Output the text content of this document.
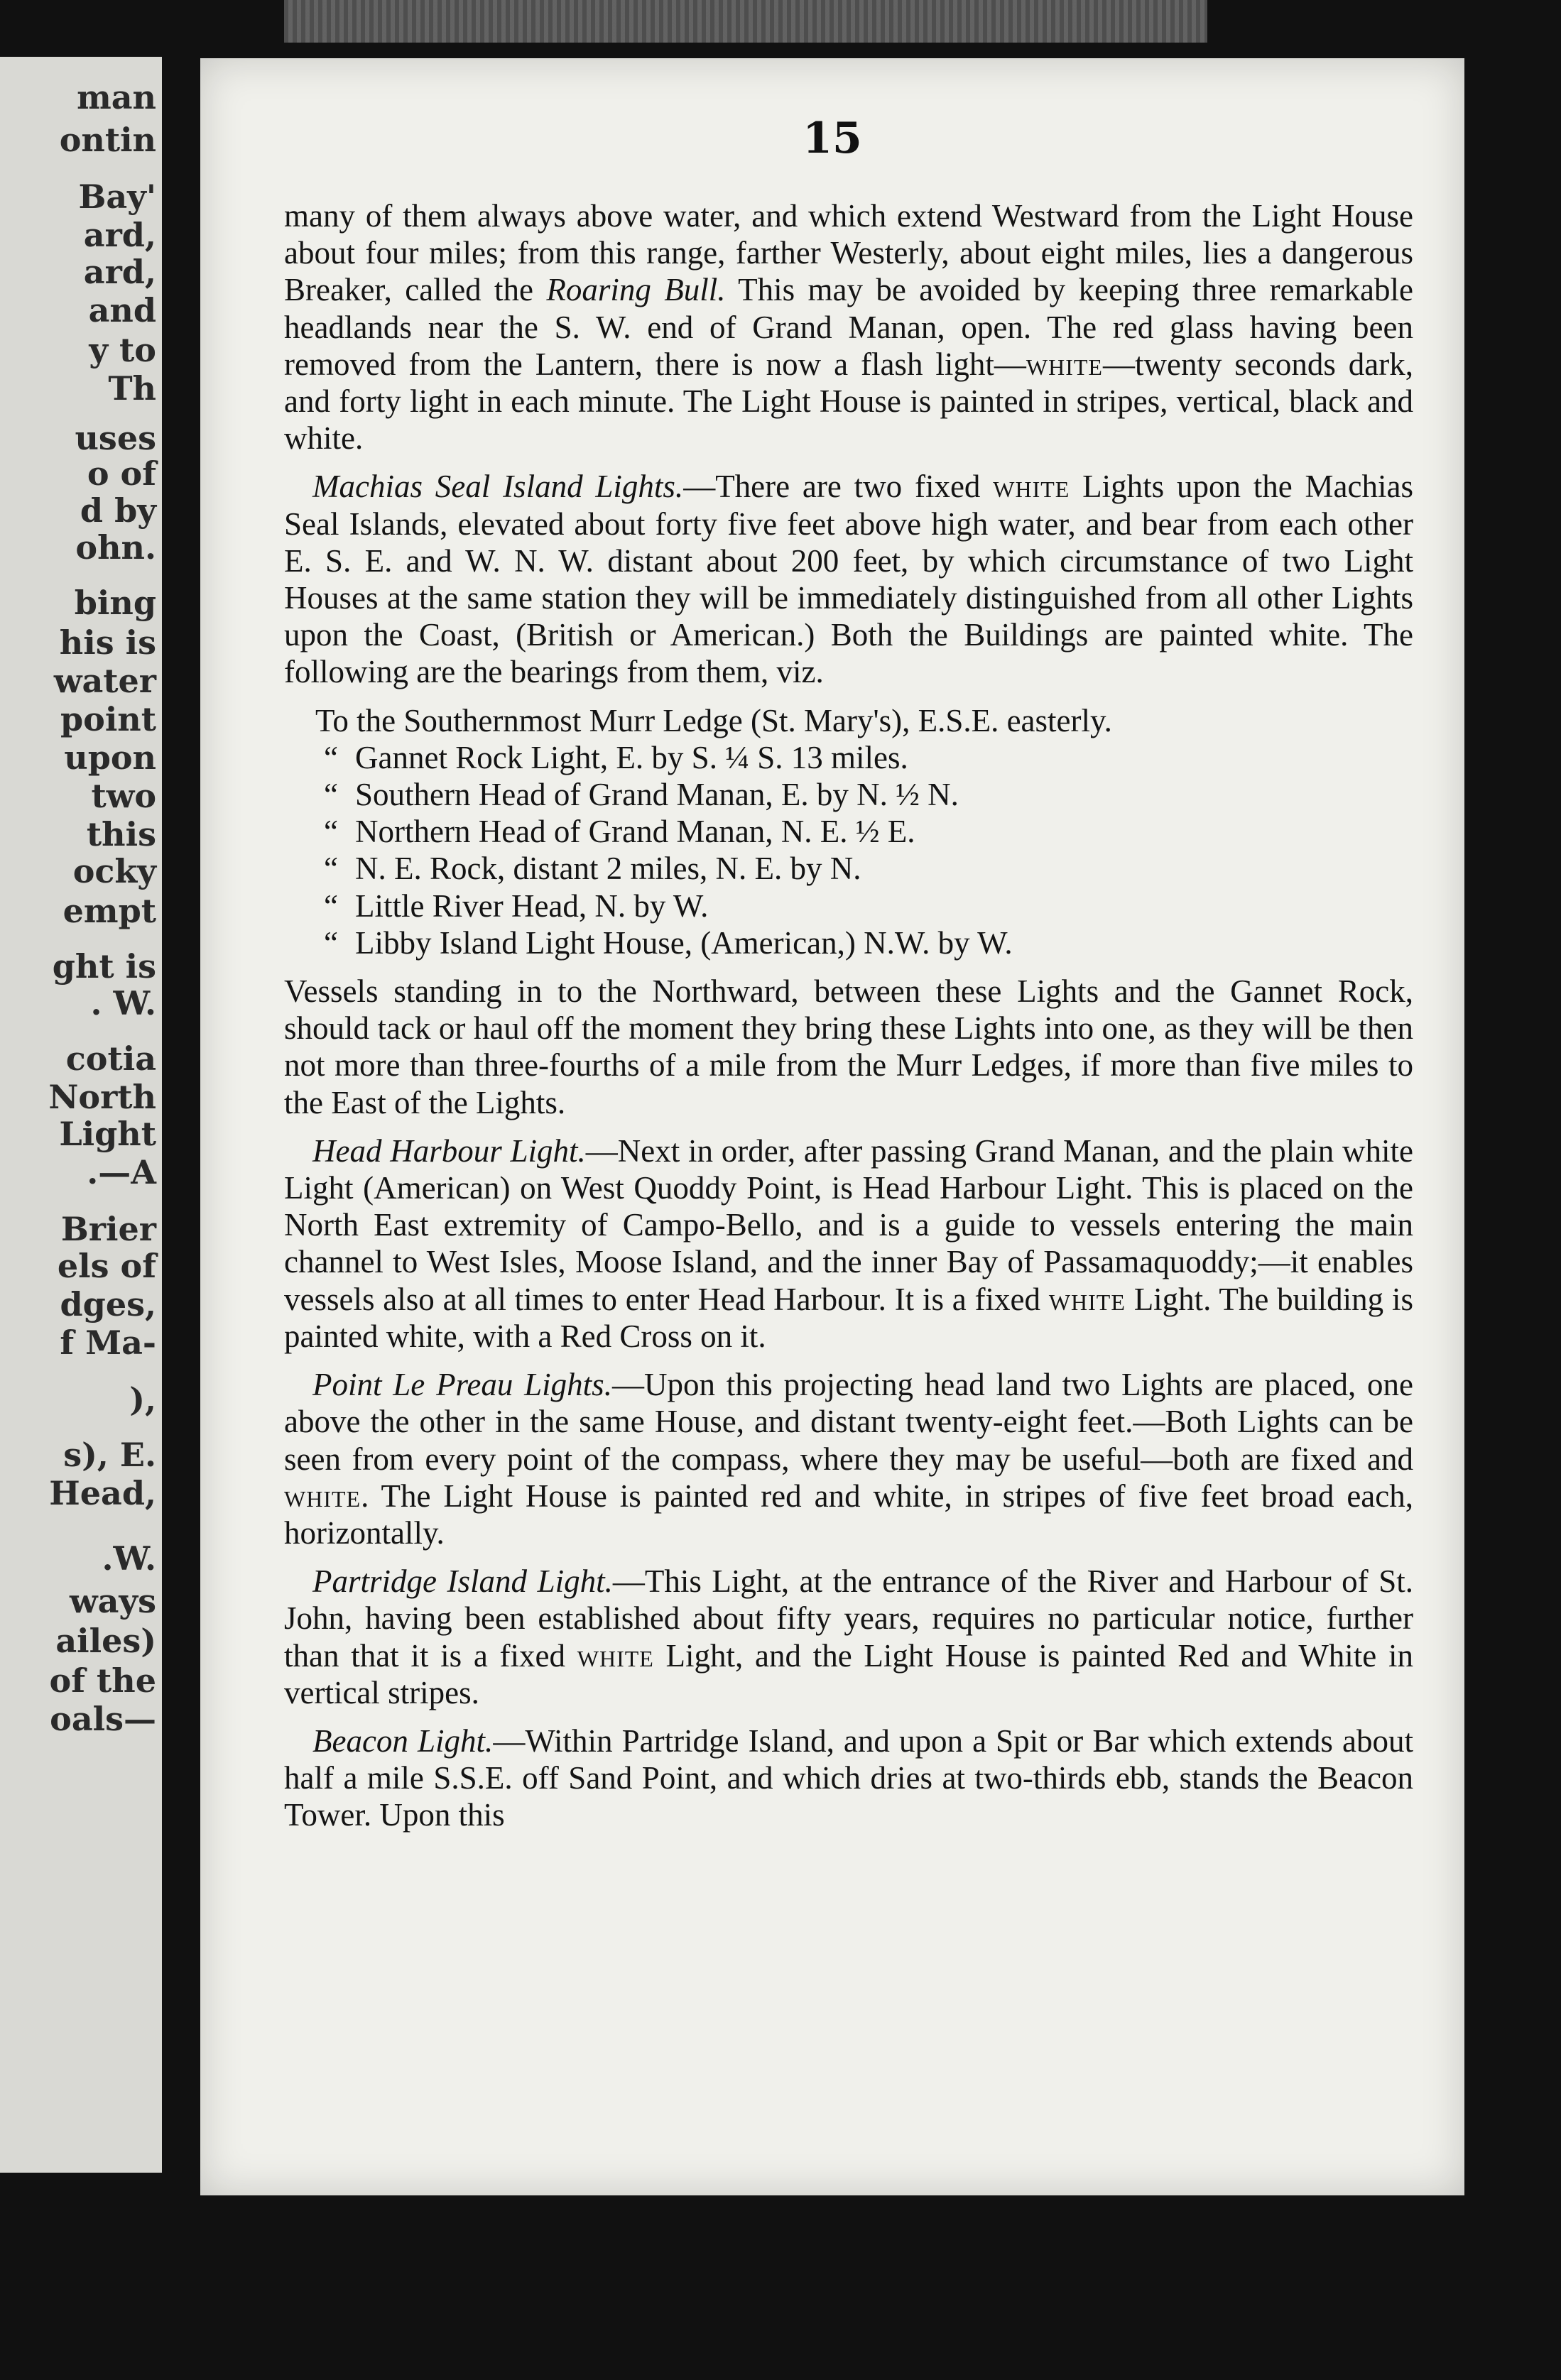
man
ontin
Bay'
ard,
ard,
and
y to
Th
uses
o of
d by
ohn.
bing
his is
water
point
upon
two
this
ocky
empt
ght is
. W.
cotia
North
Light
.—A
Brier
els of
dges,
f Ma-
),
s), E.
Head,
.W.
ways
ailes)
of the
oals—
15

many of them always above water, and which extend Westward from the Light House about four miles; from this range, farther Westerly, about eight miles, lies a dangerous Breaker, called the Roaring Bull. This may be avoided by keeping three remarkable headlands near the S. W. end of Grand Manan, open. The red glass having been removed from the Lantern, there is now a flash light—white—twenty seconds dark, and forty light in each minute. The Light House is painted in stripes, vertical, black and white.

Machias Seal Island Lights.—There are two fixed white Lights upon the Machias Seal Islands, elevated about forty five feet above high water, and bear from each other E. S. E. and W. N. W. distant about 200 feet, by which circumstance of two Light Houses at the same station they will be immediately distinguished from all other Lights upon the Coast, (British or American.) Both the Buildings are painted white. The following are the bearings from them, viz.

To the Southernmost Murr Ledge (St. Mary's), E.S.E. easterly.
“ Gannet Rock Light, E. by S. ¼ S. 13 miles.
“ Southern Head of Grand Manan, E. by N. ½ N.
“ Northern Head of Grand Manan, N. E. ½ E.
“ N. E. Rock, distant 2 miles, N. E. by N.
“ Little River Head, N. by W.
“ Libby Island Light House, (American,) N.W. by W.

Vessels standing in to the Northward, between these Lights and the Gannet Rock, should tack or haul off the moment they bring these Lights into one, as they will be then not more than three-fourths of a mile from the Murr Ledges, if more than five miles to the East of the Lights.

Head Harbour Light.—Next in order, after passing Grand Manan, and the plain white Light (American) on West Quoddy Point, is Head Harbour Light. This is placed on the North East extremity of Campo-Bello, and is a guide to vessels entering the main channel to West Isles, Moose Island, and the inner Bay of Passamaquoddy;—it enables vessels also at all times to enter Head Harbour. It is a fixed white Light. The building is painted white, with a Red Cross on it.

Point Le Preau Lights.—Upon this projecting head land two Lights are placed, one above the other in the same House, and distant twenty-eight feet.—Both Lights can be seen from every point of the compass, where they may be useful—both are fixed and white. The Light House is painted red and white, in stripes of five feet broad each, horizontally.

Partridge Island Light.—This Light, at the entrance of the River and Harbour of St. John, having been established about fifty years, requires no particular notice, further than that it is a fixed white Light, and the Light House is painted Red and White in vertical stripes.

Beacon Light.—Within Partridge Island, and upon a Spit or Bar which extends about half a mile S.S.E. off Sand Point, and which dries at two-thirds ebb, stands the Beacon Tower. Upon this
